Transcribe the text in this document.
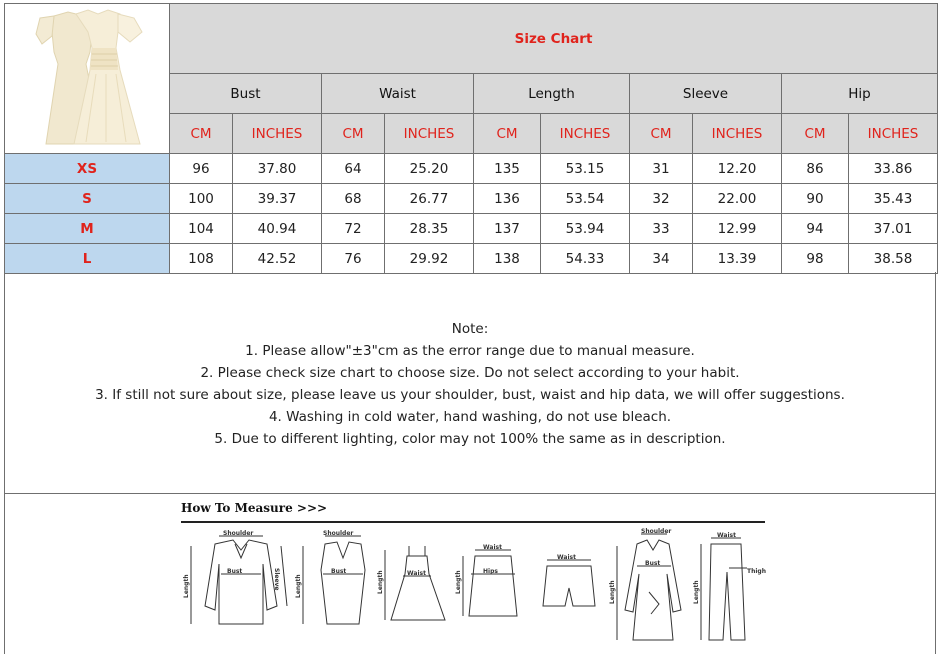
	Size Chart									
	Bust		Waist		Length		Sleeve		Hip	
	CM	INCHES	CM	INCHES	CM	INCHES	CM	INCHES	CM	INCHES
XS	96	37.80	64	25.20	135	53.15	31	12.20	86	33.86
S	100	39.37	68	26.77	136	53.54	32	22.00	90	35.43
M	104	40.94	72	28.35	137	53.94	33	12.99	94	37.01
L	108	42.52	76	29.92	138	54.33	34	13.39	98	38.58
Note:
1. Please allow"±3"cm as the error range due to manual measure.
2. Please check size chart to choose size. Do not select according to your habit.
3. If still not sure about size, please leave us your shoulder, bust, waist and hip data, we will offer suggestions.
4. Washing in cold water, hand washing, do not use bleach.
5. Due to different lighting, color may not 100% the same as in description.
How To Measure >>>
Shoulder
Bust
Length	Sleeve
Shoulder
Bust
Length
Waist
Length
Waist
Hips
Length
Waist
Shoulder
Bust
Length
Waist
Thigh
Length
